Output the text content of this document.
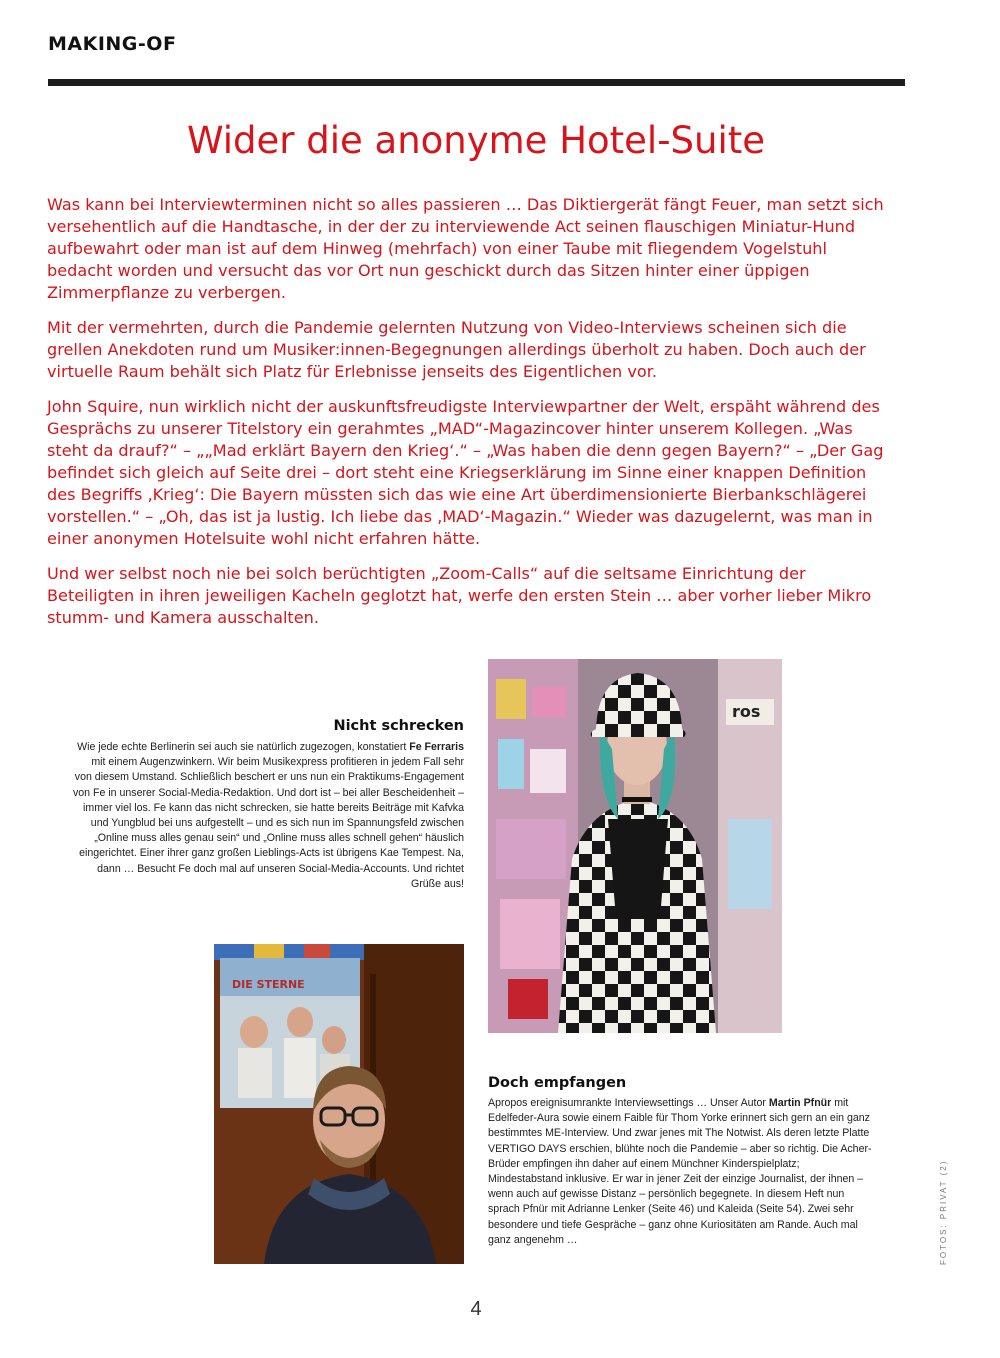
MAKING-OF
Wider die anonyme Hotel-Suite

Was kann bei Interviewterminen nicht so alles passieren … Das Diktiergerät fängt Feuer, man setzt sich versehentlich auf die Handtasche, in der der zu interviewende Act seinen flauschigen Miniatur-Hund aufbewahrt oder man ist auf dem Hinweg (mehrfach) von einer Taube mit fliegendem Vogelstuhl bedacht worden und versucht das vor Ort nun geschickt durch das Sitzen hinter einer üppigen Zimmerpflanze zu verbergen.

Mit der vermehrten, durch die Pandemie gelernten Nutzung von Video-Interviews scheinen sich die grellen Anekdoten rund um Musiker:innen-Begegnungen allerdings überholt zu haben. Doch auch der virtuelle Raum behält sich Platz für Erlebnisse jenseits des Eigentlichen vor.

John Squire, nun wirklich nicht der auskunftsfreudigste Interviewpartner der Welt, erspäht während des Gesprächs zu unserer Titelstory ein gerahmtes „MAD“-Magazincover hinter unserem Kollegen. „Was steht da drauf?“ – „„Mad erklärt Bayern den Krieg‘.“ – „Was haben die denn gegen Bayern?“ – „Der Gag befindet sich gleich auf Seite drei – dort steht eine Kriegserklärung im Sinne einer knappen Definition des Begriffs ‚Krieg‘: Die Bayern müssten sich das wie eine Art überdimensionierte Bierbankschlägerei vorstellen.“ – „Oh, das ist ja lustig. Ich liebe das ‚MAD‘-Magazin.“ Wieder was dazugelernt, was man in einer anonymen Hotelsuite wohl nicht erfahren hätte.

Und wer selbst noch nie bei solch berüchtigten „Zoom-Calls“ auf die seltsame Einrichtung der Beteiligten in ihren jeweiligen Kacheln geglotzt hat, werfe den ersten Stein … aber vorher lieber Mikro stumm- und Kamera ausschalten.

ros
DIE STERNE
Nicht schrecken
Wie jede echte Berlinerin sei auch sie natürlich zugezogen, konstatiert Fe Ferraris mit einem Augenzwinkern. Wir beim Musikexpress profitieren in jedem Fall sehr von diesem Umstand. Schließlich beschert er uns nun ein Praktikums-Engagement von Fe in unserer Social-Media-Redaktion. Und dort ist – bei aller Bescheidenheit – immer viel los. Fe kann das nicht schrecken, sie hatte bereits Beiträge mit Kafvka und Yungblud bei uns aufgestellt – und es sich nun im Spannungsfeld zwischen „Online muss alles genau sein“ und „Online muss alles schnell gehen“ häuslich eingerichtet. Einer ihrer ganz großen Lieblings-Acts ist übrigens Kae Tempest. Na, dann … Besucht Fe doch mal auf unseren Social-Media-Accounts. Und richtet Grüße aus!
Doch empfangen
Apropos ereignisumrankte Interviewsettings … Unser Autor Martin Pfnür mit Edelfeder-Aura sowie einem Faible für Thom Yorke erinnert sich gern an ein ganz bestimmtes ME-Interview. Und zwar jenes mit The Notwist. Als deren letzte Platte VERTIGO DAYS erschien, blühte noch die Pandemie – aber so richtig. Die Acher-Brüder empfingen ihn daher auf einem Münchner Kinderspielplatz; Mindestabstand inklusive. Er war in jener Zeit der einzige Journalist, der ihnen – wenn auch auf gewisse Distanz – persönlich begegnete. In diesem Heft nun sprach Pfnür mit Adrianne Lenker (Seite 46) und Kaleida (Seite 54). Zwei sehr besondere und tiefe Gespräche – ganz ohne Kuriositäten am Rande. Auch mal ganz angenehm …
4
FOTOS: PRIVAT (2)
